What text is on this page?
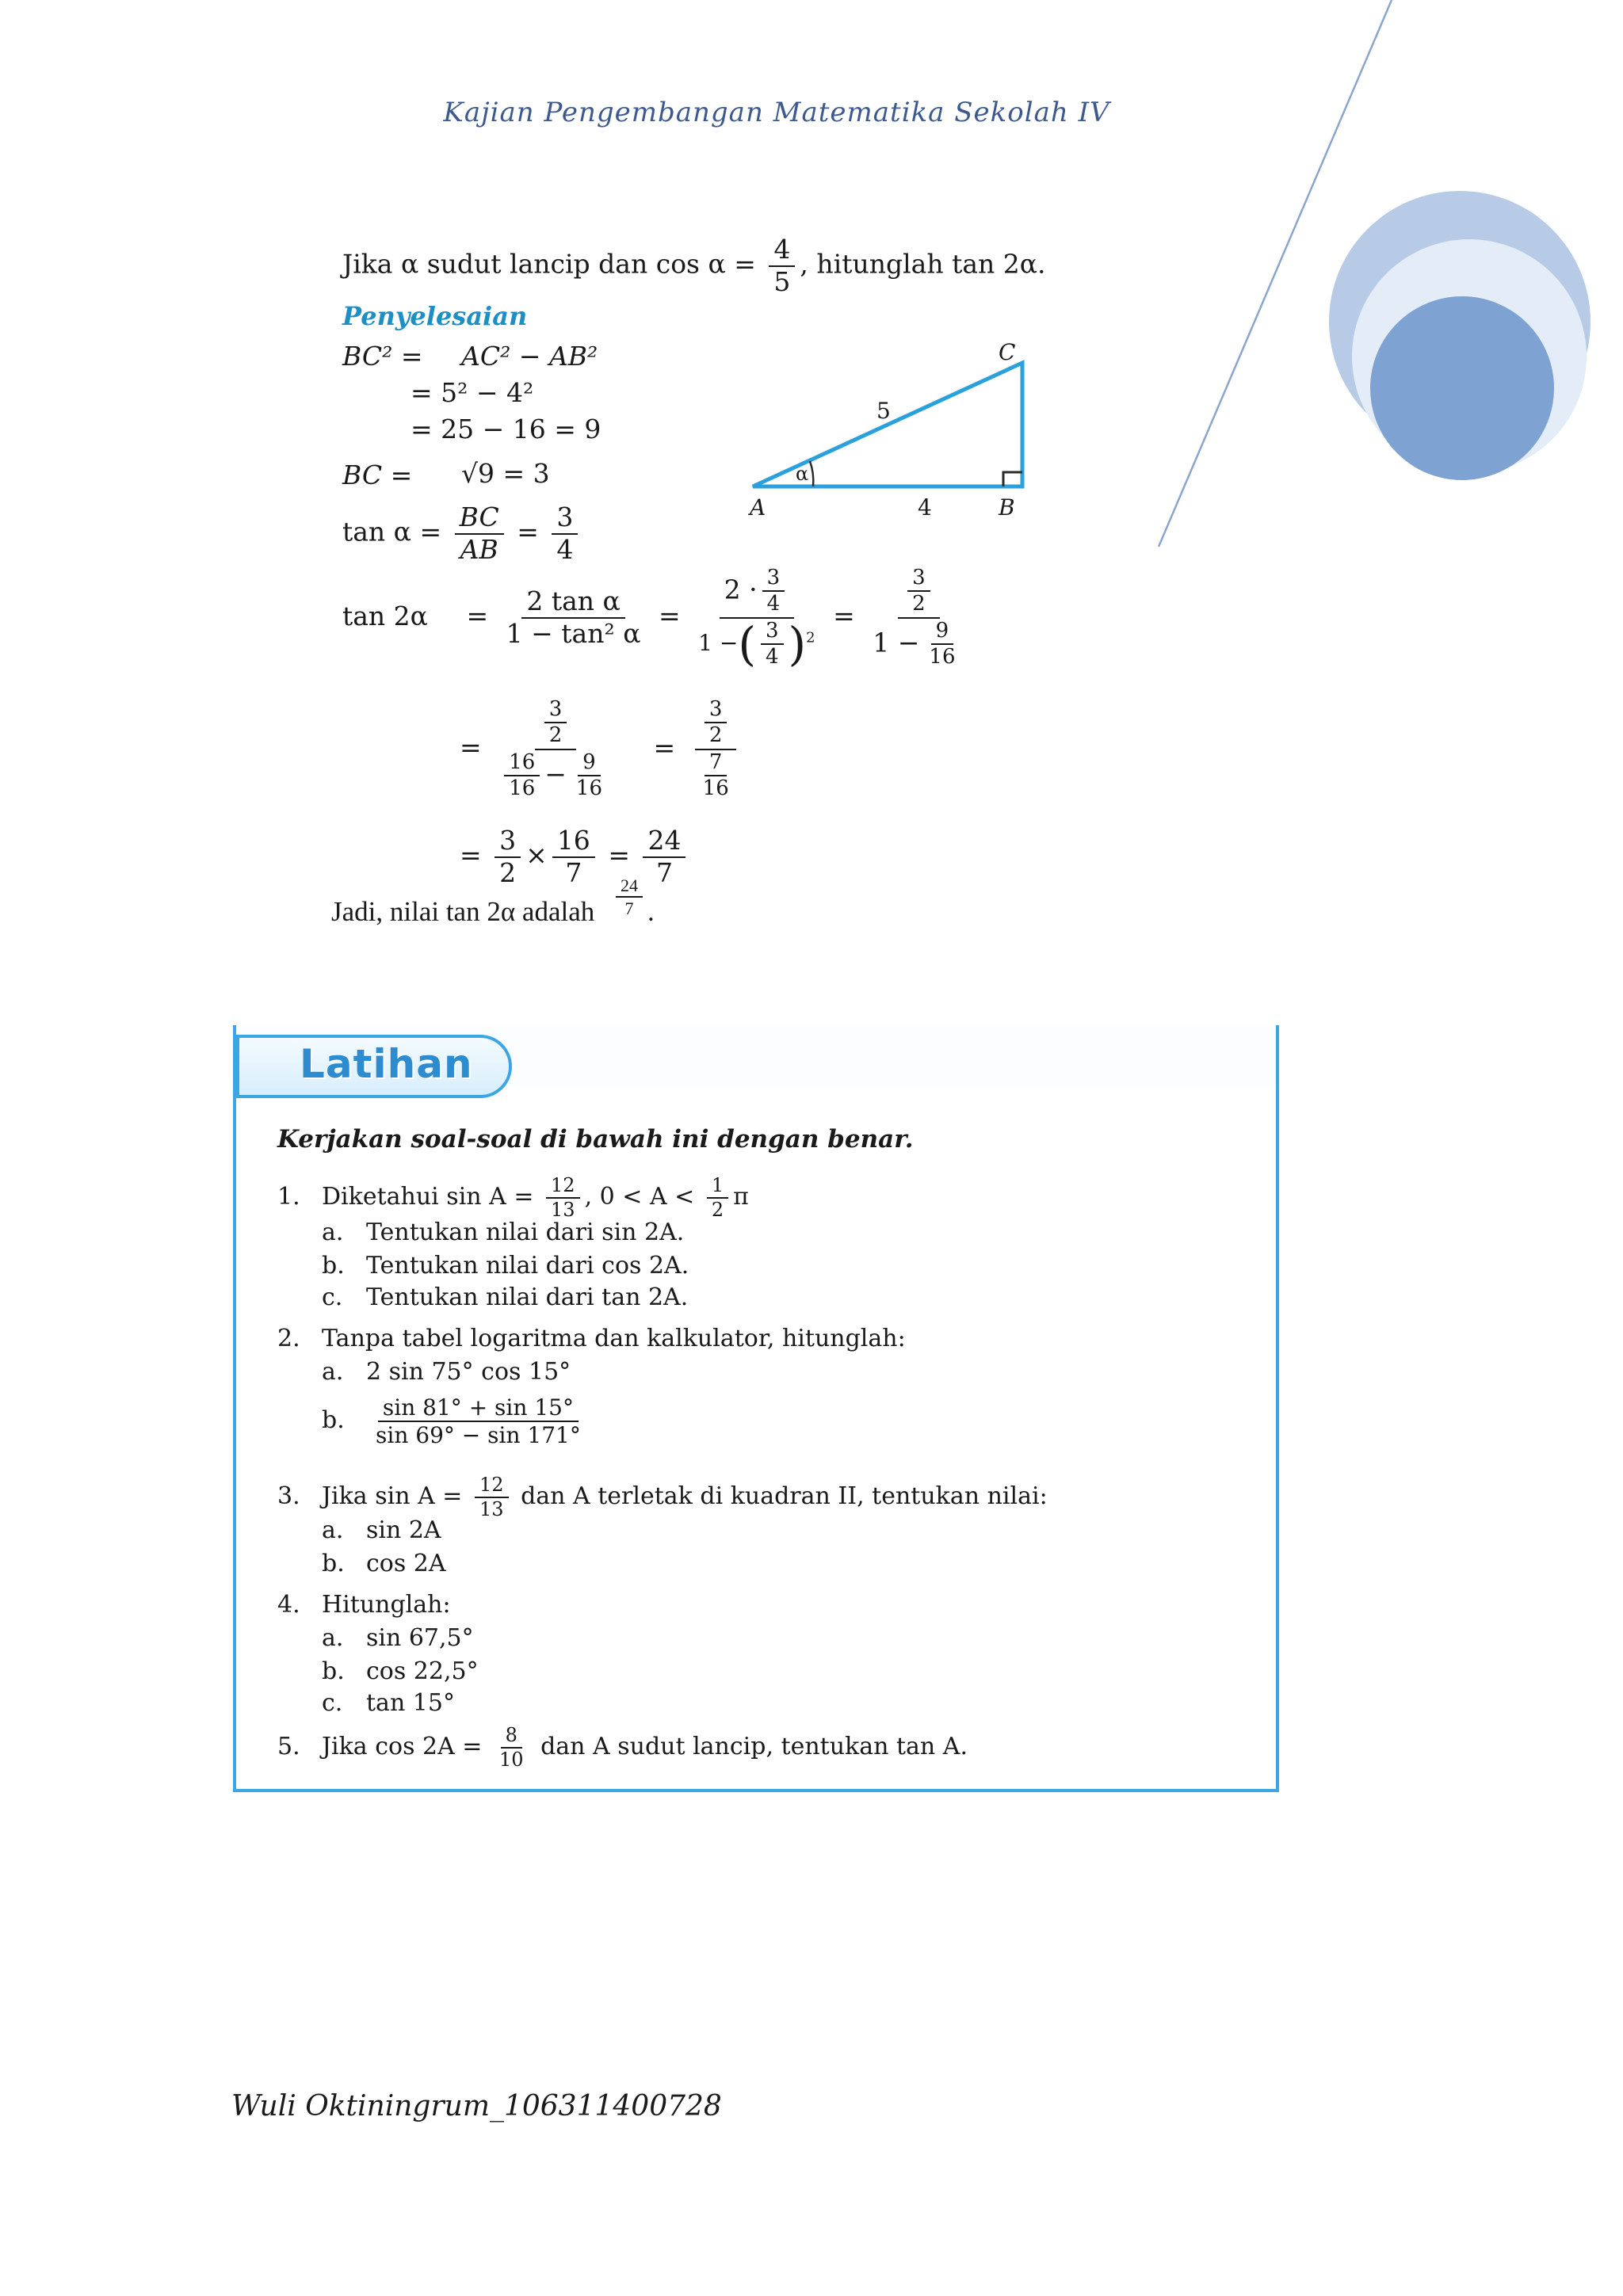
Kajian Pengembangan Matematika Sekolah IV
Jika α sudut lancip dan $\cos \alpha = \frac{4}{5}$ , hitunglah tan 2α.
Penyelesaian
BC² = AC² − AB²
= 5² − 4²
= 25 − 16 = 9
BC = √9 = 3
$\tan \alpha = \frac{BC}{AB} = \frac{3}{4}$
$\tan 2\alpha = \frac{\text{2 tan α}}{\text{1 − tan² α}} = \frac{2 \cdot \frac{3}{4}}{1 -( \frac{3}{4} )^2} = \frac{\frac{3}{2}}{1 - \frac{9}{16}}$
= $\frac{\frac{3}{2}}{\frac{16}{16} - \frac{9}{16}} = \frac{\frac{3}{2}}{\frac{7}{16}}$
= $\frac{3}{2} \times \frac{16}{7} = \frac{24}{7}$
Jadi, nilai tan 2α adalah $\frac{24}{7}$ .
α
5
4
A	B
C
Latihan
Kerjakan soal-soal di bawah ini dengan benar.
1. Diketahui $\sin A = \frac{12}{13}$ , $0 < A < \frac{1}{2}$ π
a. Tentukan nilai dari sin 2A.
b. Tentukan nilai dari cos 2A.
c. Tentukan nilai dari tan 2A.
2. Tanpa tabel logaritma dan kalkulator, hitunglah:
a. 2 sin 75° cos 15°
b. $\frac{\sin 81^\circ + \sin 15^\circ}{\sin 69^\circ - \sin 171^\circ}$
3. Jika $\sin A = \frac{12}{13}$ dan A terletak di kuadran II, tentukan nilai:
a. sin 2A
b. cos 2A
4. Hitunglah:
a. sin 67,5°
b. cos 22,5°
c. tan 15°
5. Jika $\cos 2A = \frac{8}{10}$ dan A sudut lancip, tentukan tan A.
Wuli Oktiningrum_106311400728
